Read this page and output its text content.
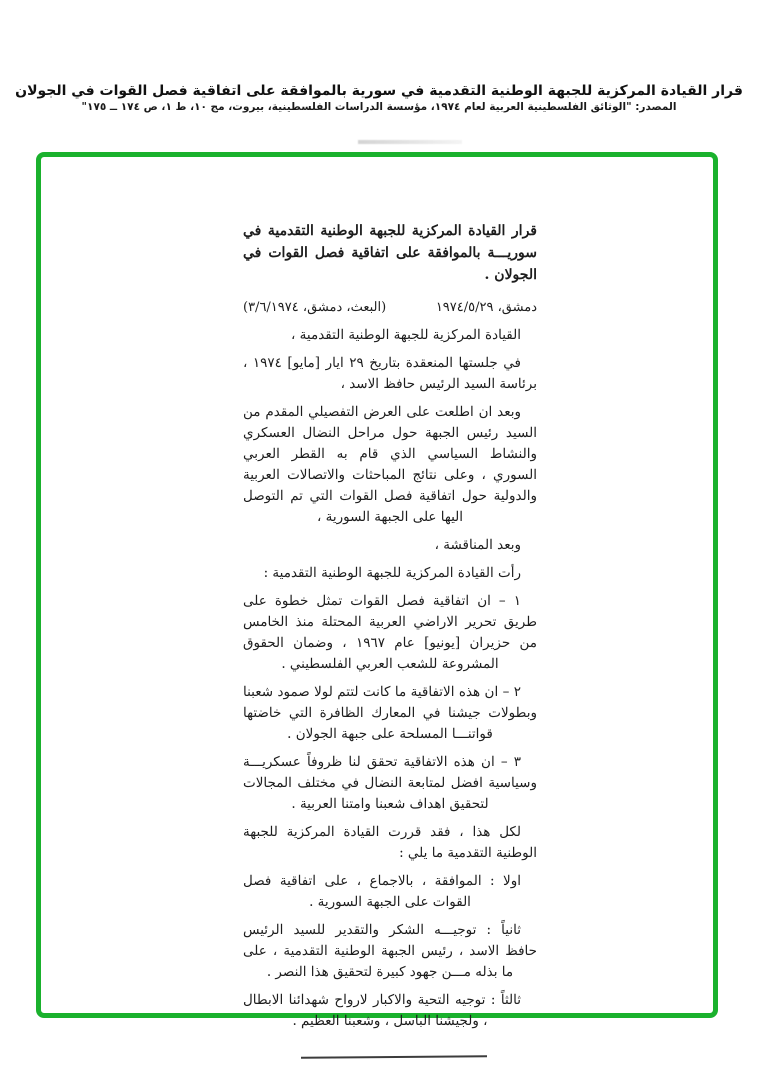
قرار القيادة المركزية للجبهة الوطنية التقدمية في سورية بالموافقة على اتفاقية فصل القوات في الجولان
المصدر: "الوثائق الفلسطينية العربية لعام ١٩٧٤، مؤسسة الدراسات الفلسطينية، بيروت، مج ١٠، ط ١، ص ١٧٤ ــ ١٧٥"
قرار القيادة المركزية للجبهة الوطنية التقدمية في سوريـــة بالموافقة على اتفاقية فصل القوات في الجولان .
دمشق، ١٩٧٤/٥/٢٩
(البعث، دمشق، ٣/٦/١٩٧٤)

القيادة المركزية للجبهة الوطنية التقدمية ،

في جلستها المنعقدة بتاريخ ٢٩ ايار [مايو] ١٩٧٤ ، برئاسة السيد الرئيس حافظ الاسد ،

وبعد ان اطلعت على العرض التفصيلي المقدم من السيد رئيس الجبهة حول مراحل النضال العسكري والنشاط السياسي الذي قام به القطر العربي السوري ، وعلى نتائج المباحثات والاتصالات العربية والدولية حول اتفاقية فصل القوات التي تم التوصل اليها على الجبهة السورية ،

وبعد المناقشة ،

رأت القيادة المركزية للجبهة الوطنية التقدمية :

١ – ان اتفاقية فصل القوات تمثل خطوة على طريق تحرير الاراضي العربية المحتلة منذ الخامس من حزيران [يونيو] عام ١٩٦٧ ، وضمان الحقوق المشروعة للشعب العربي الفلسطيني .

٢ – ان هذه الاتفاقية ما كانت لتتم لولا صمود شعبنا وبطولات جيشنا في المعارك الظافرة التي خاضتها قواتنـــا المسلحة على جبهة الجولان .

٣ – ان هذه الاتفاقية تحقق لنا ظروفاً عسكريـــة وسياسية افضل لمتابعة النضال في مختلف المجالات لتحقيق اهداف شعبنا وامتنا العربية .

لكل هذا ، فقد قررت القيادة المركزية للجبهة الوطنية التقدمية ما يلي :

اولا : الموافقة ، بالاجماع ، على اتفاقية فصل القوات على الجبهة السورية .

ثانياً : توجيـــه الشكر والتقدير للسيد الرئيس حافظ الاسد ، رئيس الجبهة الوطنية التقدمية ، على ما بذله مـــن جهود كبيرة لتحقيق هذا النصر .

ثالثاً : توجيه التحية والاكبار لارواح شهدائنا الابطال ، ولجيشنا الباسل ، وشعبنا العظيم .
